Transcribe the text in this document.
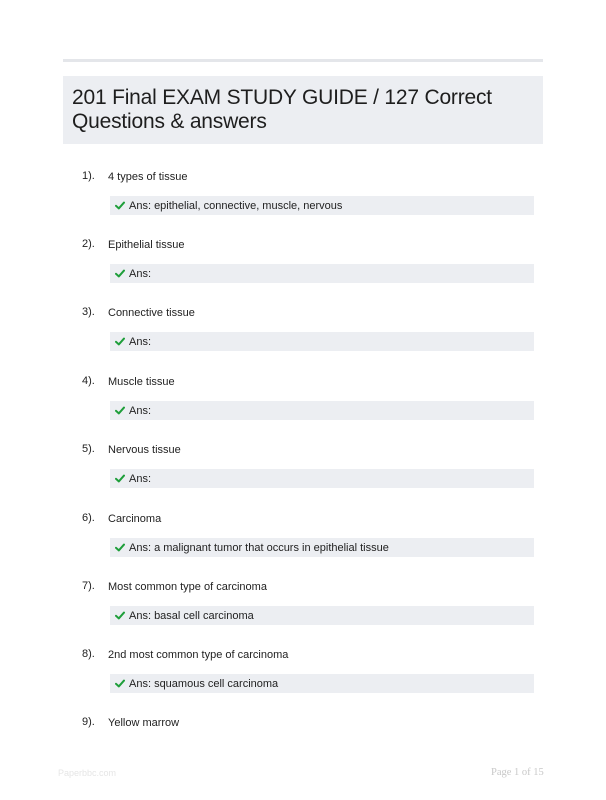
201 Final EXAM STUDY GUIDE / 127 Correct Questions & answers
1). 4 types of tissue
Ans: epithelial, connective, muscle, nervous
2). Epithelial tissue
Ans:
3). Connective tissue
Ans:
4). Muscle tissue
Ans:
5). Nervous tissue
Ans:
6). Carcinoma
Ans: a malignant tumor that occurs in epithelial tissue
7). Most common type of carcinoma
Ans: basal cell carcinoma
8). 2nd most common type of carcinoma
Ans: squamous cell carcinoma
9). Yellow marrow
Paperbbc.com	Page 1 of 15
